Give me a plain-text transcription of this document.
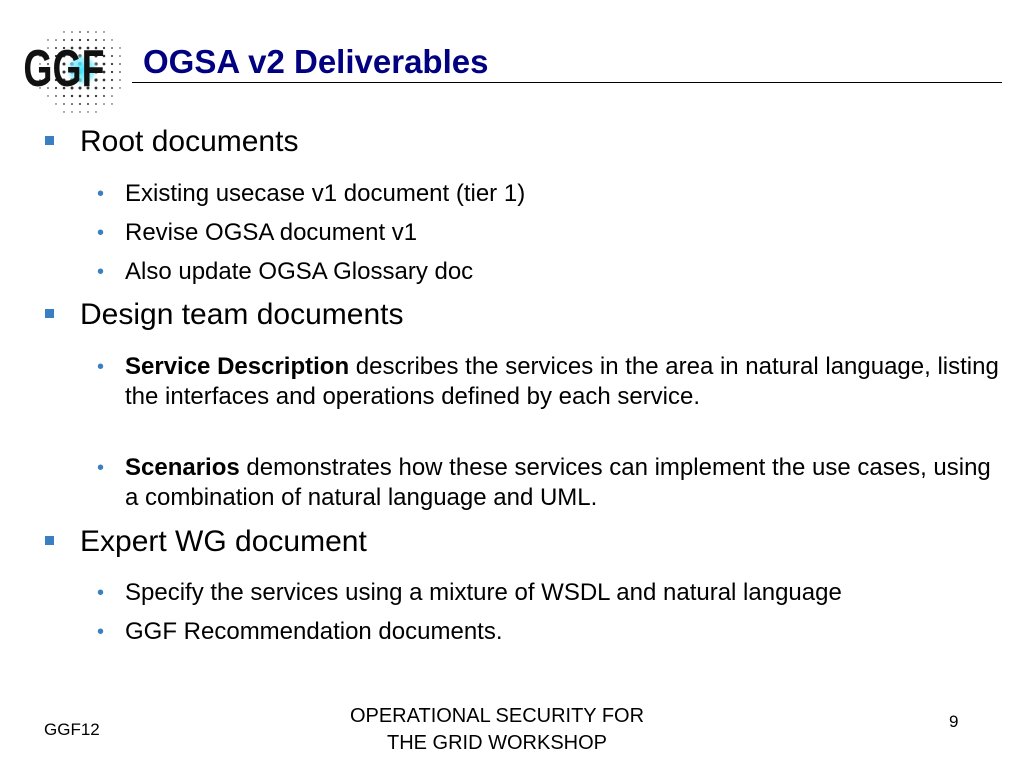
GGF OGSA v2 Deliverables
Root documents
• Existing usecase v1 document (tier 1)
• Revise OGSA document v1
• Also update OGSA Glossary doc
Design team documents
• Service Description describes the services in the area in natural language, listing the interfaces and operations defined by each service.
• Scenarios demonstrates how these services can implement the use cases, using a combination of natural language and UML.
Expert WG document
• Specify the services using a mixture of WSDL and natural language
• GGF Recommendation documents.
GGF12
OPERATIONAL SECURITY FOR
THE GRID WORKSHOP
9
